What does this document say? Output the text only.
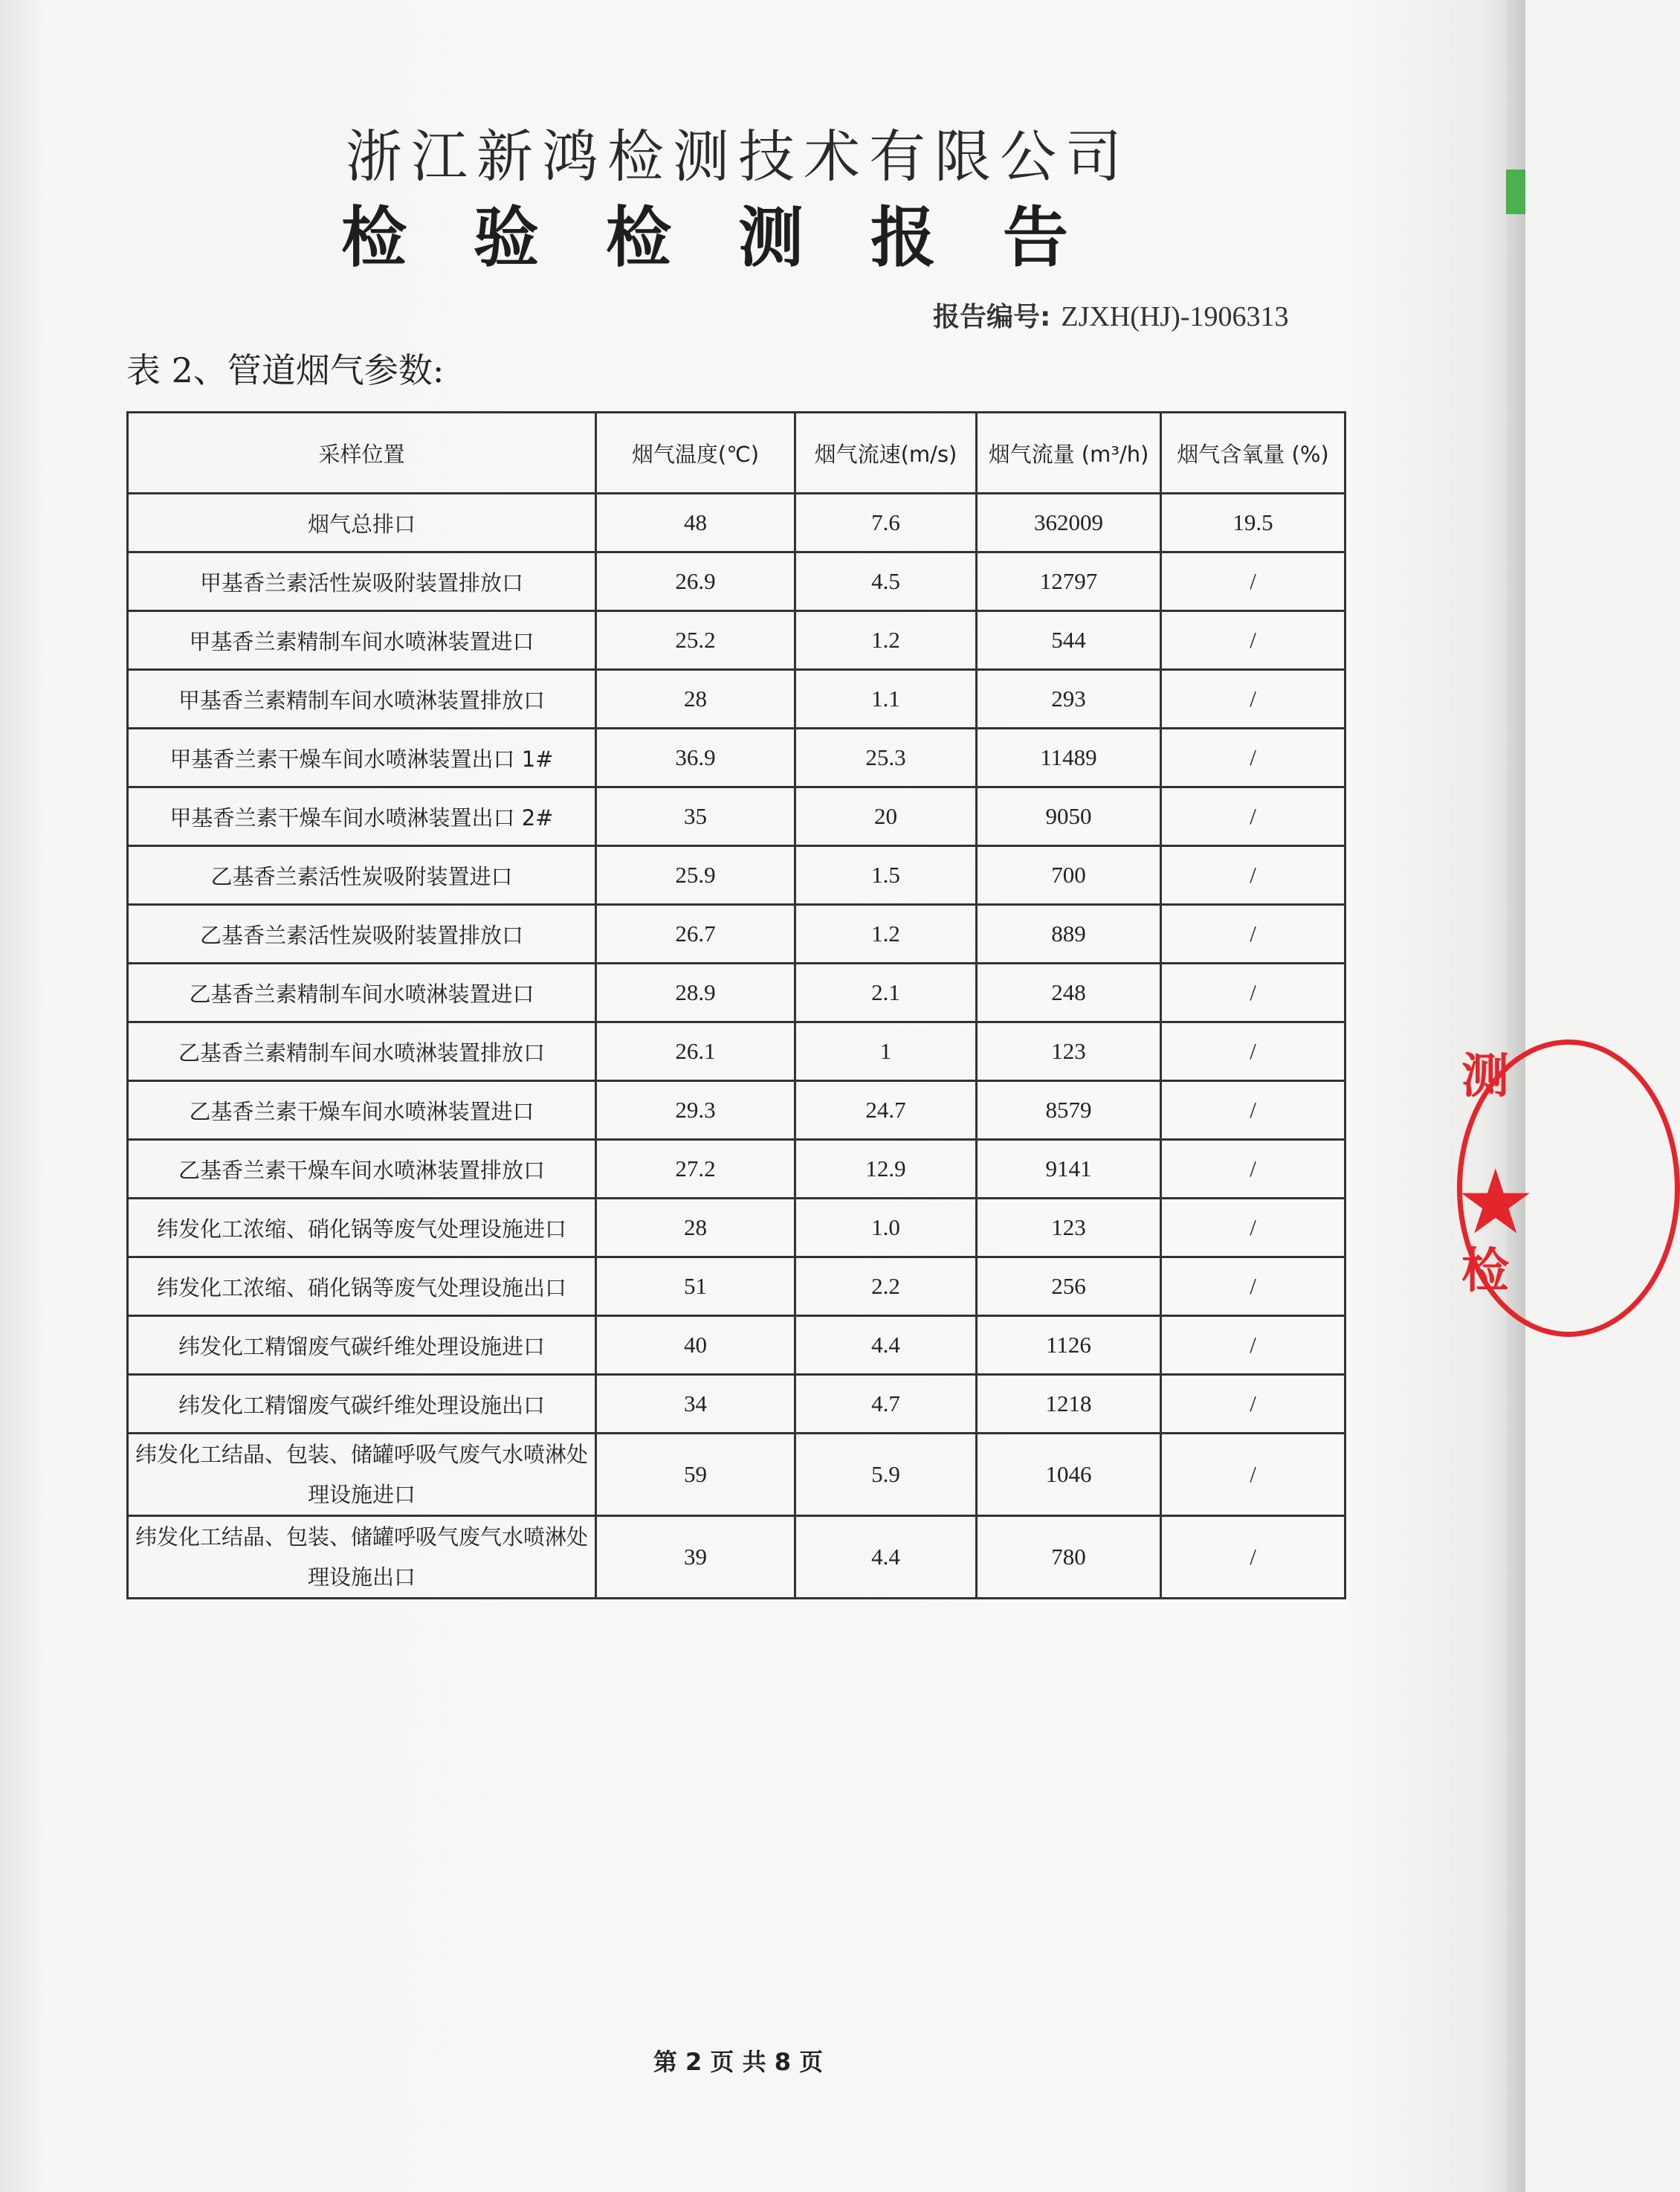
浙江新鸿检测技术有限公司
检验检测报告
报告编号: ZJXH(HJ)-1906313
表 2、管道烟气参数:
采样位置	烟气温度(℃)	烟气流速(m/s)	烟气流量 (m³/h)	烟气含氧量 (%)
烟气总排口	48	7.6	362009	19.5
甲基香兰素活性炭吸附装置排放口	26.9	4.5	12797	/
甲基香兰素精制车间水喷淋装置进口	25.2	1.2	544	/
甲基香兰素精制车间水喷淋装置排放口	28	1.1	293	/
甲基香兰素干燥车间水喷淋装置出口 1#	36.9	25.3	11489	/
甲基香兰素干燥车间水喷淋装置出口 2#	35	20	9050	/
乙基香兰素活性炭吸附装置进口	25.9	1.5	700	/
乙基香兰素活性炭吸附装置排放口	26.7	1.2	889	/
乙基香兰素精制车间水喷淋装置进口	28.9	2.1	248	/
乙基香兰素精制车间水喷淋装置排放口	26.1	1	123	/
乙基香兰素干燥车间水喷淋装置进口	29.3	24.7	8579	/
乙基香兰素干燥车间水喷淋装置排放口	27.2	12.9	9141	/
纬发化工浓缩、硝化锅等废气处理设施进口	28	1.0	123	/
纬发化工浓缩、硝化锅等废气处理设施出口	51	2.2	256	/
纬发化工精馏废气碳纤维处理设施进口	40	4.4	1126	/
纬发化工精馏废气碳纤维处理设施出口	34	4.7	1218	/
纬发化工结晶、包装、储罐呼吸气废气水喷淋处理设施进口	59	5.9	1046	/
纬发化工结晶、包装、储罐呼吸气废气水喷淋处理设施出口	39	4.4	780	/
第 2 页 共 8 页
测
★
检
